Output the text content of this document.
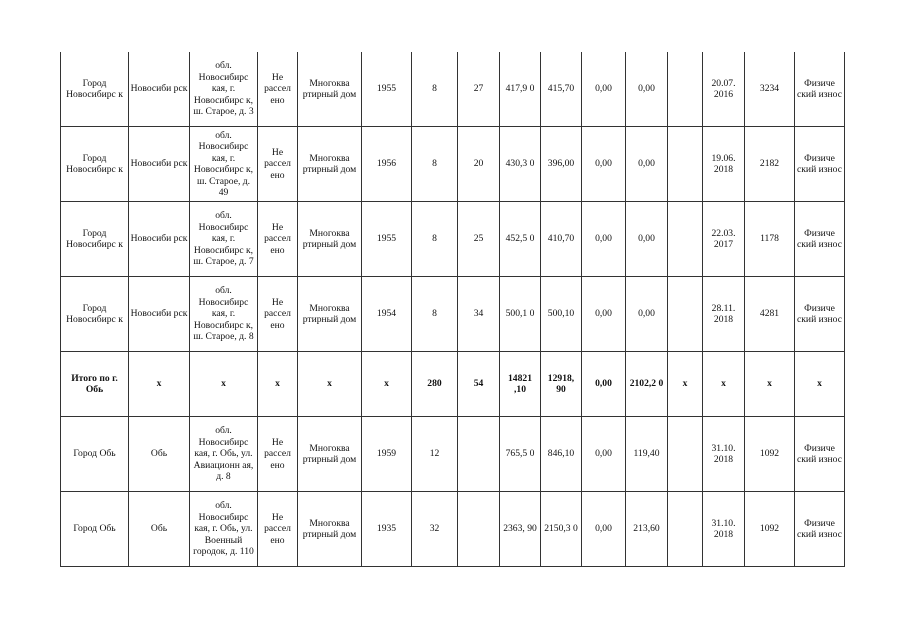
Город Новосибирс к	Новосиби рск	обл. Новосибирс кая, г. Новосибирс к, ш. Старое, д. 3	Не рассел ено	Многоква ртирный дом	1955	8	27	417,9 0	415,70	0,00	0,00		20.07. 2016	3234	Физиче ский износ
Город Новосибирс к	Новосиби рск	обл. Новосибирс кая, г. Новосибирс к, ш. Старое, д. 49	Не рассел ено	Многоква ртирный дом	1956	8	20	430,3 0	396,00	0,00	0,00		19.06. 2018	2182	Физиче ский износ
Город Новосибирс к	Новосиби рск	обл. Новосибирс кая, г. Новосибирс к, ш. Старое, д. 7	Не рассел ено	Многоква ртирный дом	1955	8	25	452,5 0	410,70	0,00	0,00		22.03. 2017	1178	Физиче ский износ
Город Новосибирс к	Новосиби рск	обл. Новосибирс кая, г. Новосибирс к, ш. Старое, д. 8	Не рассел ено	Многоква ртирный дом	1954	8	34	500,1 0	500,10	0,00	0,00		28.11. 2018	4281	Физиче ский износ
Итого по г. Обь	x	x	x	x	x	280	54	14821 ,10	12918, 90	0,00	2102,2 0	x	x	x	x
Город Обь	Обь	обл. Новосибирс кая, г. Обь, ул. Авиационн ая, д. 8	Не рассел ено	Многоква ртирный дом	1959	12		765,5 0	846,10	0,00	119,40		31.10. 2018	1092	Физиче ский износ
Город Обь	Обь	обл. Новосибирс кая, г. Обь, ул. Военный городок, д. 110	Не рассел ено	Многоква ртирный дом	1935	32		2363, 90	2150,3 0	0,00	213,60		31.10. 2018	1092	Физиче ский износ
